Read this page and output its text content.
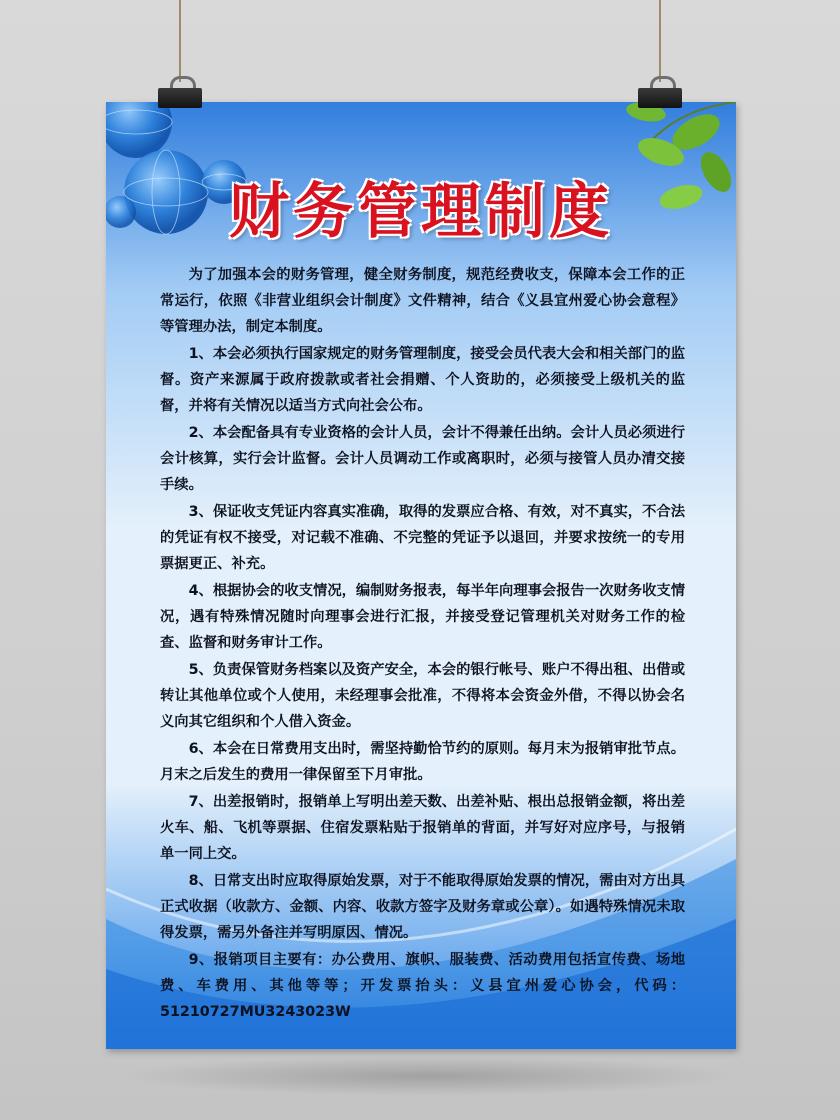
财务管理制度

为了加强本会的财务管理，健全财务制度，规范经费收支，保障本会工作的正常运行，依照《非营业组织会计制度》文件精神，结合《义县宜州爱心协会意程》等管理办法，制定本制度。

1、本会必须执行国家规定的财务管理制度，接受会员代表大会和相关部门的监督。资产来源属于政府拨款或者社会捐赠、个人资助的，必须接受上级机关的监督，并将有关情况以适当方式向社会公布。

2、本会配备具有专业资格的会计人员，会计不得兼任出纳。会计人员必须进行会计核算，实行会计监督。会计人员调动工作或离职时，必须与接管人员办清交接手续。

3、保证收支凭证内容真实准确，取得的发票应合格、有效，对不真实，不合法的凭证有权不接受，对记载不准确、不完整的凭证予以退回，并要求按统一的专用票据更正、补充。

4、根据协会的收支情况，编制财务报表，每半年向理事会报告一次财务收支情况，遇有特殊情况随时向理事会进行汇报，并接受登记管理机关对财务工作的检查、监督和财务审计工作。

5、负责保管财务档案以及资产安全，本会的银行帐号、账户不得出租、出借或转让其他单位或个人使用，未经理事会批准，不得将本会资金外借，不得以协会名义向其它组织和个人借入资金。

6、本会在日常费用支出时，需坚持勤恰节约的原则。每月末为报销审批节点。月末之后发生的费用一律保留至下月审批。

7、出差报销时，报销单上写明出差天数、出差补贴、根出总报销金额，将出差火车、船、飞机等票据、住宿发票粘贴于报销单的背面，并写好对应序号，与报销单一同上交。

8、日常支出时应取得原始发票，对于不能取得原始发票的情况，需由对方出具正式收据（收款方、金额、内容、收款方签字及财务章或公章）。如遇特殊情况未取得发票，需另外备注并写明原因、情况。

9、报销项目主要有：办公费用、旗帜、服装费、活动费用包括宣传费、场地费、车费用、其他等等；开发票抬头：义县宜州爱心协会，代码：51210727MU3243023W
